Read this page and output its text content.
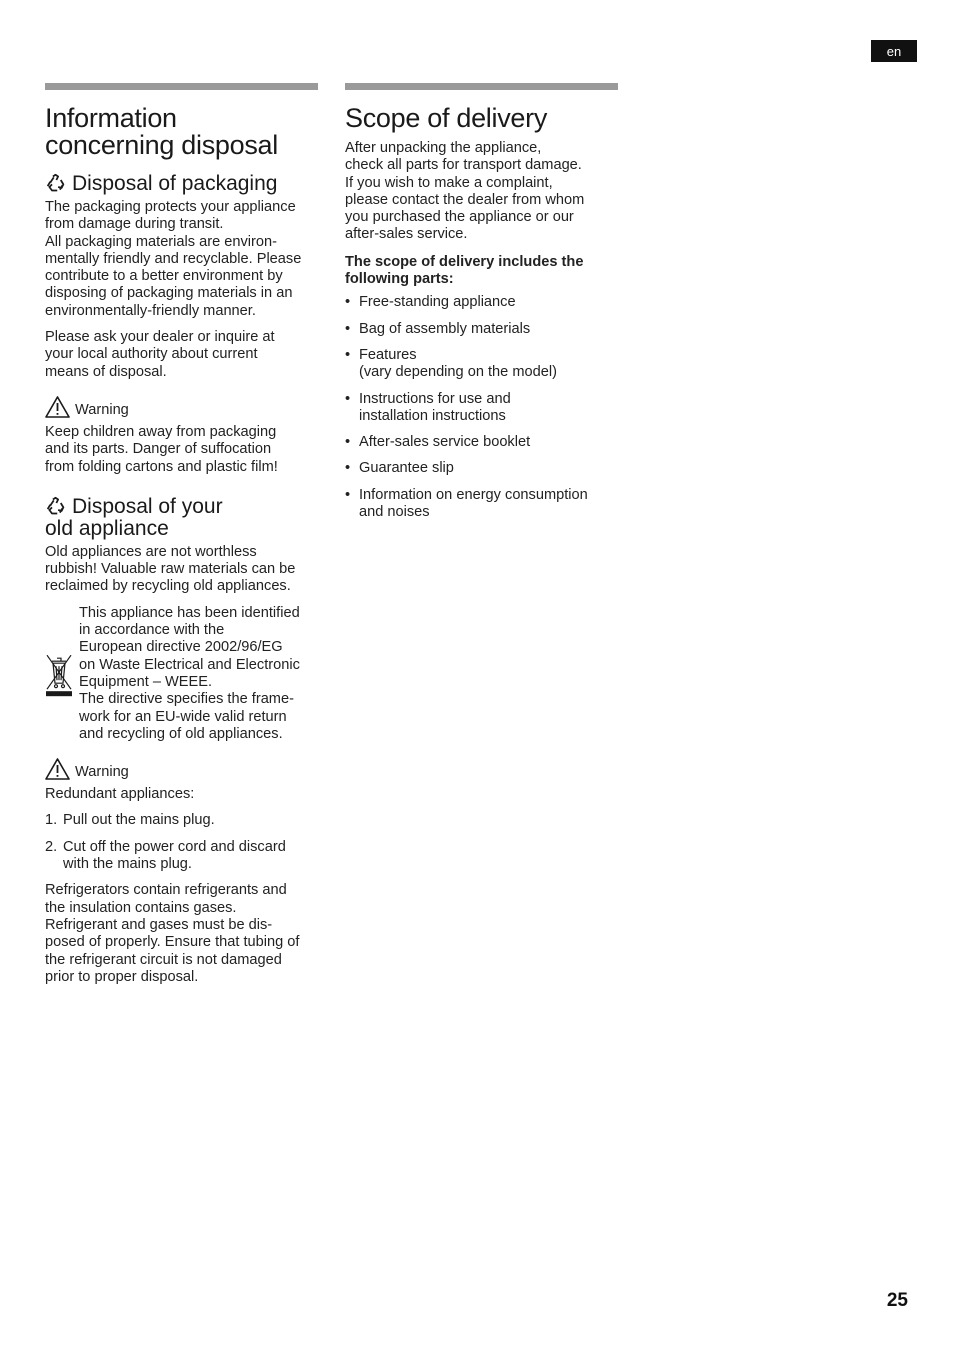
en
Information
concerning disposal
Disposal of packaging

The packaging protects your appliance
from damage during transit.
All packaging materials are environ-
mentally friendly and recyclable. Please
contribute to a better environment by
disposing of packaging materials in an
environmentally-friendly manner.

Please ask your dealer or inquire at
your local authority about current
means of disposal.

Warning

Keep children away from packaging
and its parts. Danger of suffocation
from folding cartons and plastic film!

Disposal of your
old appliance

Old appliances are not worthless
rubbish! Valuable raw materials can be
reclaimed by recycling old appliances.

This appliance has been identified
in accordance with the
European directive 2002/96/EG
on Waste Electrical and Electronic
Equipment – WEEE.
The directive specifies the frame-
work for an EU-wide valid return
and recycling of old appliances.

Warning

Redundant appliances:

1. Pull out the mains plug.
2. Cut off the power cord and discard
with the mains plug.

Refrigerators contain refrigerants and
the insulation contains gases.
Refrigerant and gases must be dis-
posed of properly. Ensure that tubing of
the refrigerant circuit is not damaged
prior to proper disposal.

Scope of delivery

After unpacking the appliance,
check all parts for transport damage.
If you wish to make a complaint,
please contact the dealer from whom
you purchased the appliance or our
after-sales service.

The scope of delivery includes the
following parts:

• Free-standing appliance
• Bag of assembly materials
• Features
(vary depending on the model)
• Instructions for use and
installation instructions
• After-sales service booklet
• Guarantee slip
• Information on energy consumption
and noises
25
